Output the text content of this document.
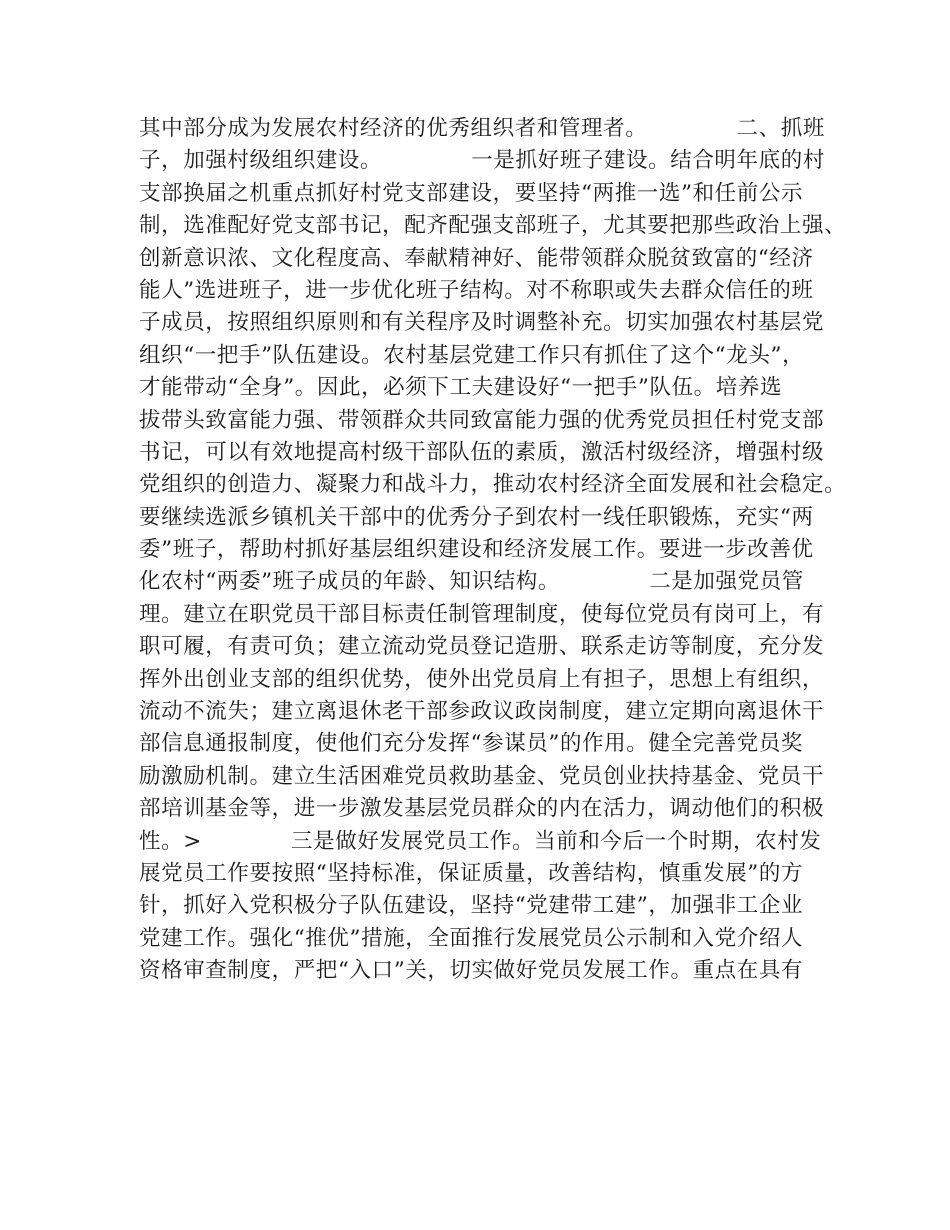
其中部分成为发展农村经济的优秀组织者和管理者。            二、抓班
子，加强村级组织建设。            一是抓好班子建设。结合明年底的村
支部换届之机重点抓好村党支部建设，要坚持“两推一选”和任前公示
制，选准配好党支部书记，配齐配强支部班子，尤其要把那些政治上强、
创新意识浓、文化程度高、奉献精神好、能带领群众脱贫致富的“经济
能人”选进班子，进一步优化班子结构。对不称职或失去群众信任的班
子成员，按照组织原则和有关程序及时调整补充。切实加强农村基层党
组织“一把手”队伍建设。农村基层党建工作只有抓住了这个“龙头”，
才能带动“全身”。因此，必须下工夫建设好“一把手”队伍。培养选
拔带头致富能力强、带领群众共同致富能力强的优秀党员担任村党支部
书记，可以有效地提高村级干部队伍的素质，激活村级经济，增强村级
党组织的创造力、凝聚力和战斗力，推动农村经济全面发展和社会稳定。
要继续选派乡镇机关干部中的优秀分子到农村一线任职锻炼，充实“两
委”班子，帮助村抓好基层组织建设和经济发展工作。要进一步改善优
化农村“两委”班子成员的年龄、知识结构。            二是加强党员管
理。建立在职党员干部目标责任制管理制度，使每位党员有岗可上，有
职可履，有责可负；建立流动党员登记造册、联系走访等制度，充分发
挥外出创业支部的组织优势，使外出党员肩上有担子，思想上有组织，
流动不流失；建立离退休老干部参政议政岗制度，建立定期向离退休干
部信息通报制度，使他们充分发挥“参谋员”的作用。健全完善党员奖
励激励机制。建立生活困难党员救助基金、党员创业扶持基金、党员干
部培训基金等，进一步激发基层党员群众的内在活力，调动他们的积极
性。>            三是做好发展党员工作。当前和今后一个时期，农村发
展党员工作要按照“坚持标准，保证质量，改善结构，慎重发展”的方
针，抓好入党积极分子队伍建设，坚持“党建带工建”，加强非工企业
党建工作。强化“推优”措施，全面推行发展党员公示制和入党介绍人
资格审查制度，严把“入口”关，切实做好党员发展工作。重点在具有
